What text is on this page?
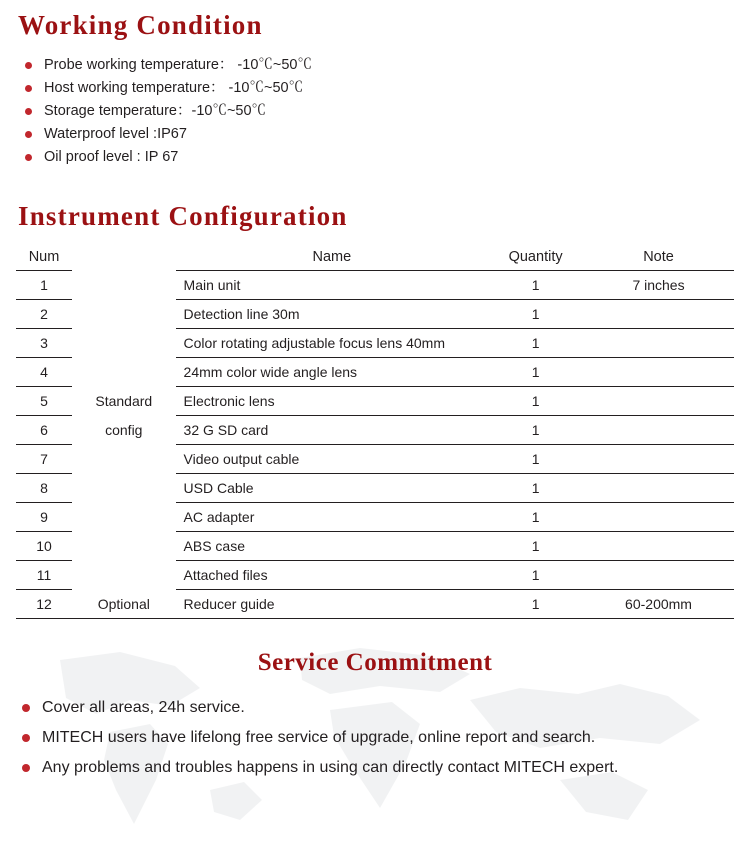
Working Condition
Probe working temperature： -10℃~50℃
Host working temperature： -10℃~50℃
Storage temperature：-10℃~50℃
Waterproof level :IP67
Oil proof level : IP 67
Instrument Configuration
Num		Name	Quantity	Note
1		Main unit	1	7 inches
2		Detection line 30m	1	
3		Color rotating adjustable focus lens 40mm	1	
4		24mm color wide angle lens	1	
5	Standard	Electronic lens	1	
6	config	32 G SD card	1	
7		Video output cable	1	
8		USD Cable	1	
9		AC adapter	1	
10		ABS case	1	
11		Attached files	1	
12	Optional	Reducer guide	1	60-200mm
Service Commitment
Cover all areas, 24h service.
MITECH users have lifelong free service of upgrade, online report and search.
Any problems and troubles happens in using can directly contact MITECH expert.
